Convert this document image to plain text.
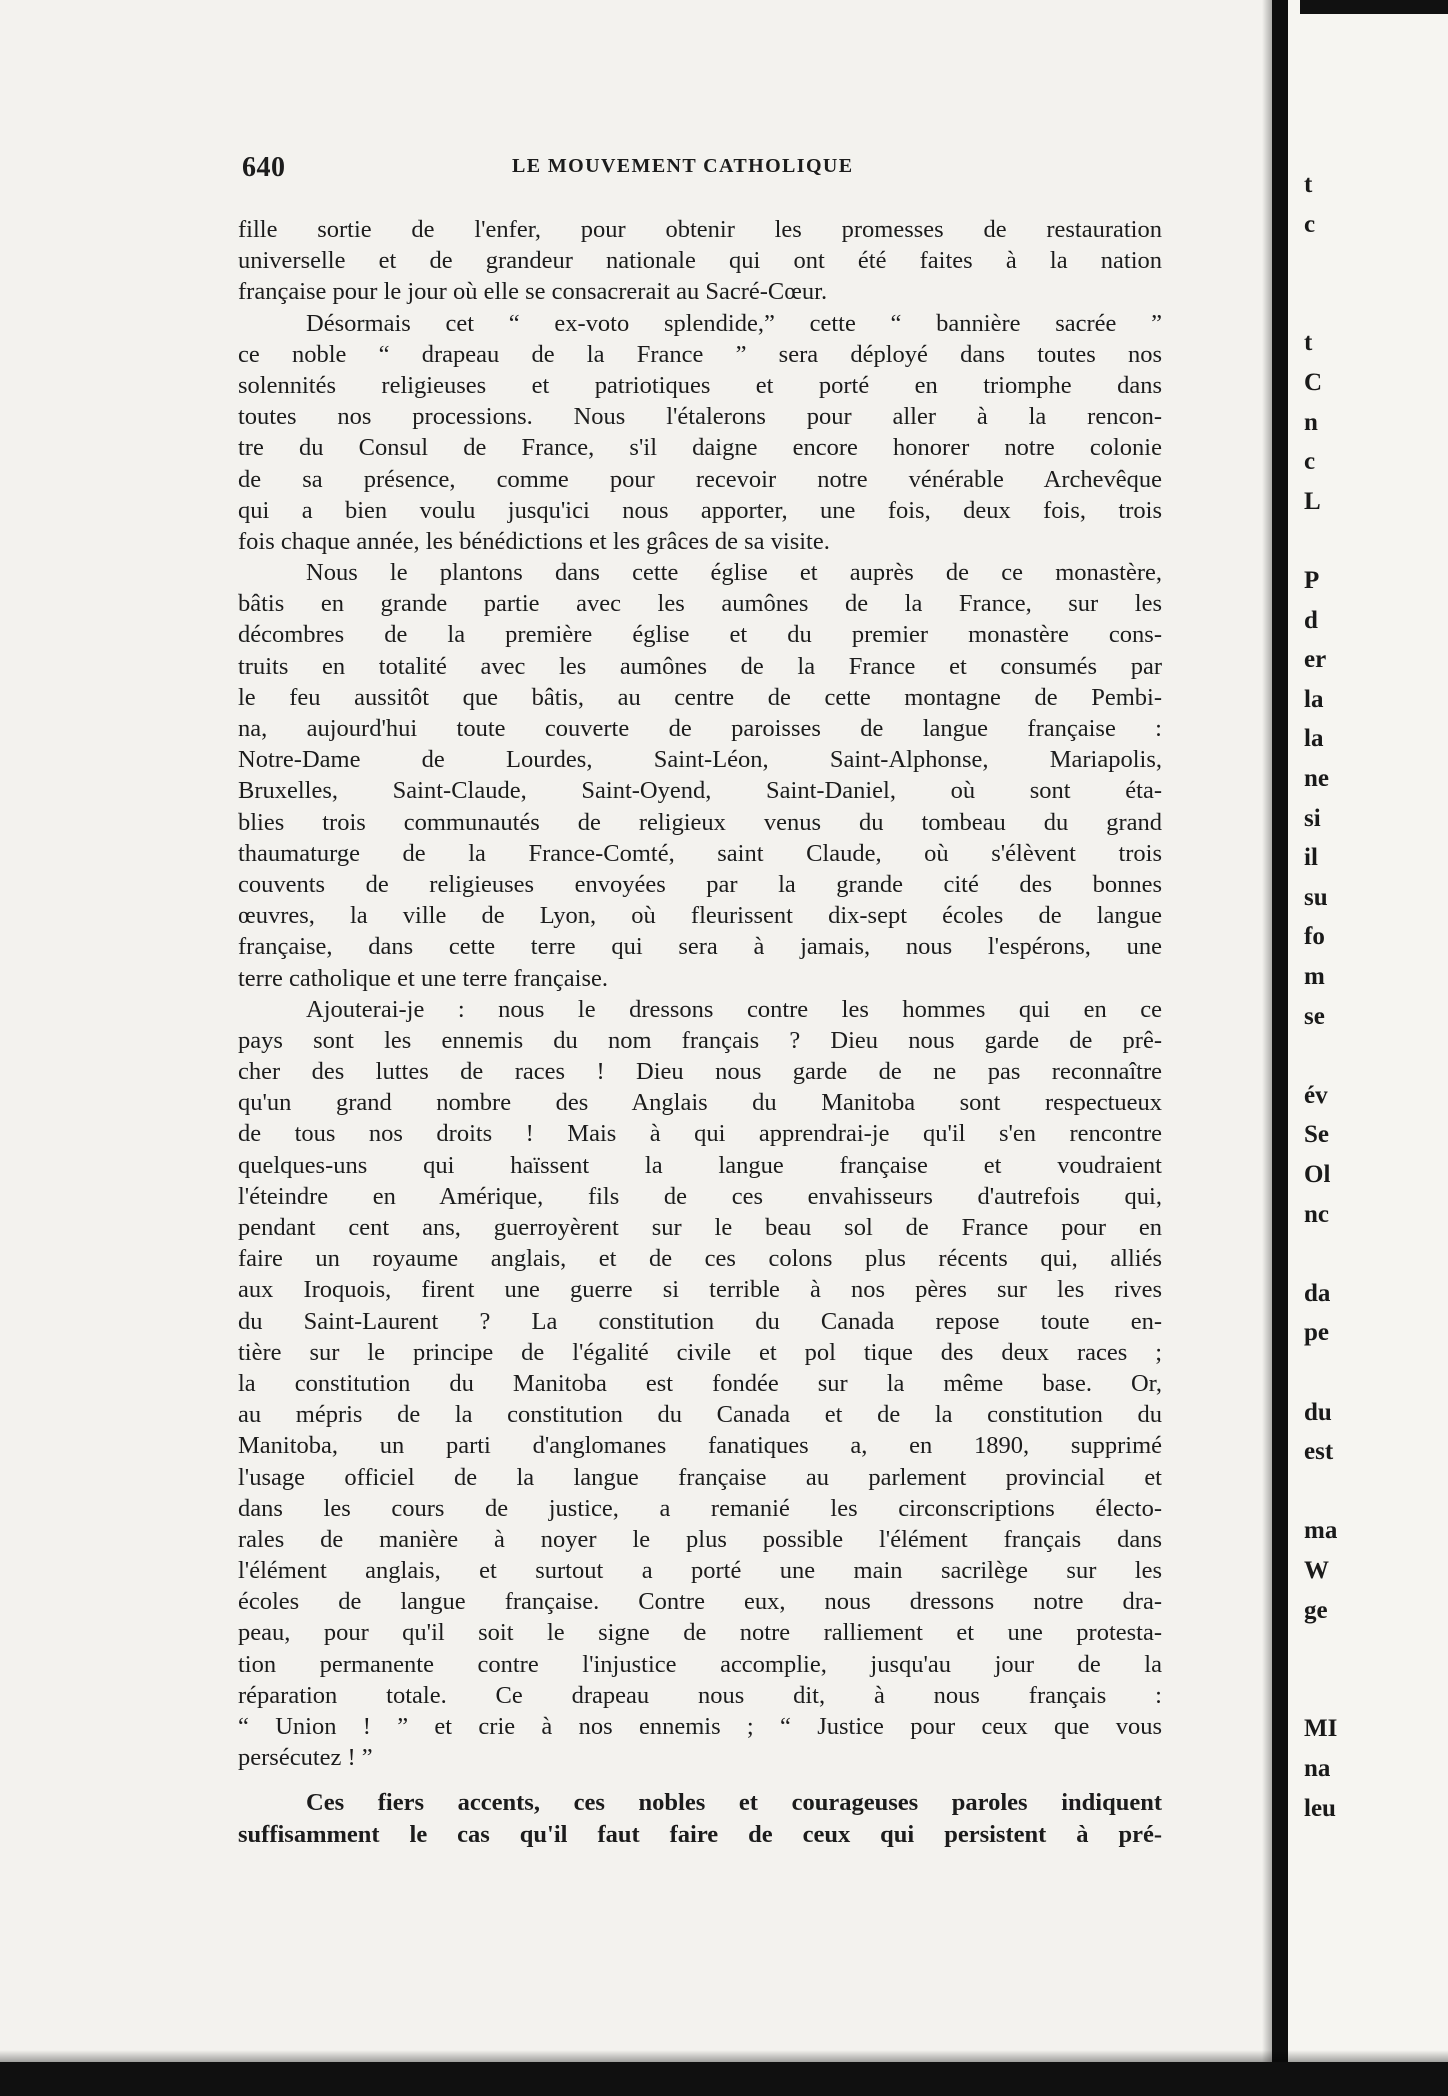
640	LE MOUVEMENT CATHOLIQUE
fille sortie de l'enfer, pour obtenir les promesses de restauration
universelle et de grandeur nationale qui ont été faites à la nation
française pour le jour où elle se consacrerait au Sacré-Cœur.
Désormais cet “ ex-voto splendide,” cette “ bannière sacrée ”
ce noble “ drapeau de la France ” sera déployé dans toutes nos
solennités religieuses et patriotiques et porté en triomphe dans
toutes nos processions. Nous l'étalerons pour aller à la rencon-
tre du Consul de France, s'il daigne encore honorer notre colonie
de sa présence, comme pour recevoir notre vénérable Archevêque
qui a bien voulu jusqu'ici nous apporter, une fois, deux fois, trois
fois chaque année, les bénédictions et les grâces de sa visite.
Nous le plantons dans cette église et auprès de ce monastère,
bâtis en grande partie avec les aumônes de la France, sur les
décombres de la première église et du premier monastère cons-
truits en totalité avec les aumônes de la France et consumés par
le feu aussitôt que bâtis, au centre de cette montagne de Pembi-
na, aujourd'hui toute couverte de paroisses de langue française :
Notre-Dame de Lourdes, Saint-Léon, Saint-Alphonse, Mariapolis,
Bruxelles, Saint-Claude, Saint-Oyend, Saint-Daniel, où sont éta-
blies trois communautés de religieux venus du tombeau du grand
thaumaturge de la France-Comté, saint Claude, où s'élèvent trois
couvents de religieuses envoyées par la grande cité des bonnes
œuvres, la ville de Lyon, où fleurissent dix-sept écoles de langue
française, dans cette terre qui sera à jamais, nous l'espérons, une
terre catholique et une terre française.
Ajouterai-je : nous le dressons contre les hommes qui en ce
pays sont les ennemis du nom français ? Dieu nous garde de prê-
cher des luttes de races ! Dieu nous garde de ne pas reconnaître
qu'un grand nombre des Anglais du Manitoba sont respectueux
de tous nos droits ! Mais à qui apprendrai-je qu'il s'en rencontre
quelques-uns qui haïssent la langue française et voudraient
l'éteindre en Amérique, fils de ces envahisseurs d'autrefois qui,
pendant cent ans, guerroyèrent sur le beau sol de France pour en
faire un royaume anglais, et de ces colons plus récents qui, alliés
aux Iroquois, firent une guerre si terrible à nos pères sur les rives
du Saint-Laurent ? La constitution du Canada repose toute en-
tière sur le principe de l'égalité civile et pol tique des deux races ;
la constitution du Manitoba est fondée sur la même base. Or,
au mépris de la constitution du Canada et de la constitution du
Manitoba, un parti d'anglomanes fanatiques a, en 1890, supprimé
l'usage officiel de la langue française au parlement provincial et
dans les cours de justice, a remanié les circonscriptions électo-
rales de manière à noyer le plus possible l'élément français dans
l'élément anglais, et surtout a porté une main sacrilège sur les
écoles de langue française. Contre eux, nous dressons notre dra-
peau, pour qu'il soit le signe de notre ralliement et une protesta-
tion permanente contre l'injustice accomplie, jusqu'au jour de la
réparation totale. Ce drapeau nous dit, à nous français :
“ Union ! ” et crie à nos ennemis ; “ Justice pour ceux que vous
persécutez ! ”
Ces fiers accents, ces nobles et courageuses paroles indiquent
suffisamment le cas qu'il faut faire de ceux qui persistent à pré-
t
c
t
C
n
c
L
P
d
er
la
la
ne
si
il
su
fo
m
se
év
Se
Ol
nc
da
pe
du
est
ma
W
ge
MI
na
leu
